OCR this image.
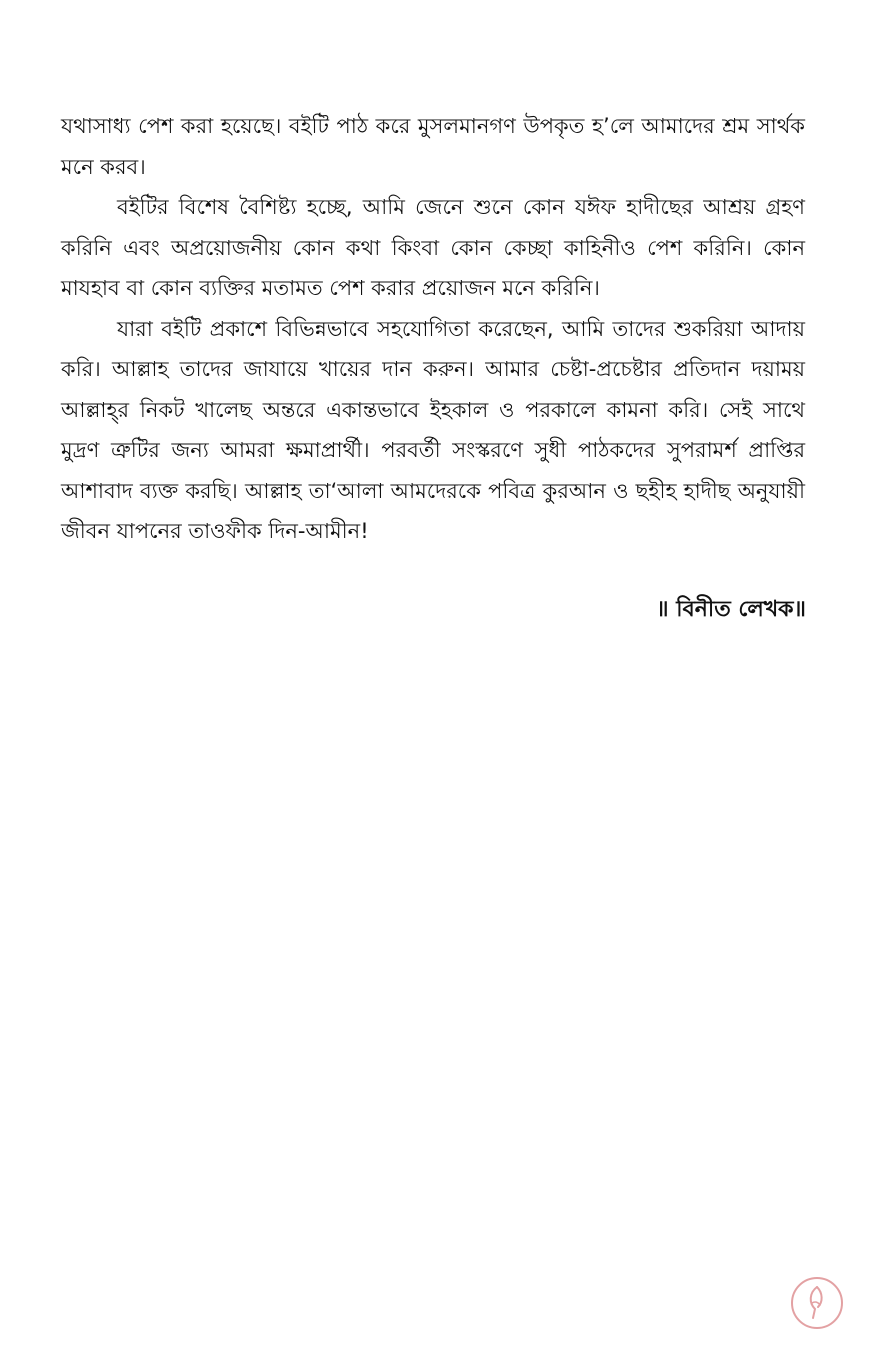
যথাসাধ্য পেশ করা হয়েছে। বইটি পাঠ করে মুসলমানগণ উপকৃত হ’লে আমাদের শ্রম সার্থক মনে করব।

বইটির বিশেষ বৈশিষ্ট্য হচ্ছে, আমি জেনে শুনে কোন যঈফ হাদীছের আশ্রয় গ্রহণ করিনি এবং অপ্রয়োজনীয় কোন কথা কিংবা কোন কেচ্ছা কাহিনীও পেশ করিনি। কোন মাযহাব বা কোন ব্যক্তির মতামত পেশ করার প্রয়োজন মনে করিনি।

যারা বইটি প্রকাশে বিভিন্নভাবে সহযোগিতা করেছেন, আমি তাদের শুকরিয়া আদায় করি। আল্লাহ তাদের জাযায়ে খায়ের দান করুন। আমার চেষ্টা-প্রচেষ্টার প্রতিদান দয়াময় আল্লাহ্‌র নিকট খালেছ অন্তরে একান্তভাবে ইহকাল ও পরকালে কামনা করি। সেই সাথে মুদ্রণ ত্রুটির জন্য আমরা ক্ষমাপ্রার্থী। পরবর্তী সংস্করণে সুধী পাঠকদের সুপরামর্শ প্রাপ্তির আশাবাদ ব্যক্ত করছি। আল্লাহ তা‘আলা আমদেরকে পবিত্র কুরআন ও ছহীহ হাদীছ অনুযায়ী জীবন যাপনের তাওফীক দিন-আমীন!

॥ বিনীত লেখক॥
